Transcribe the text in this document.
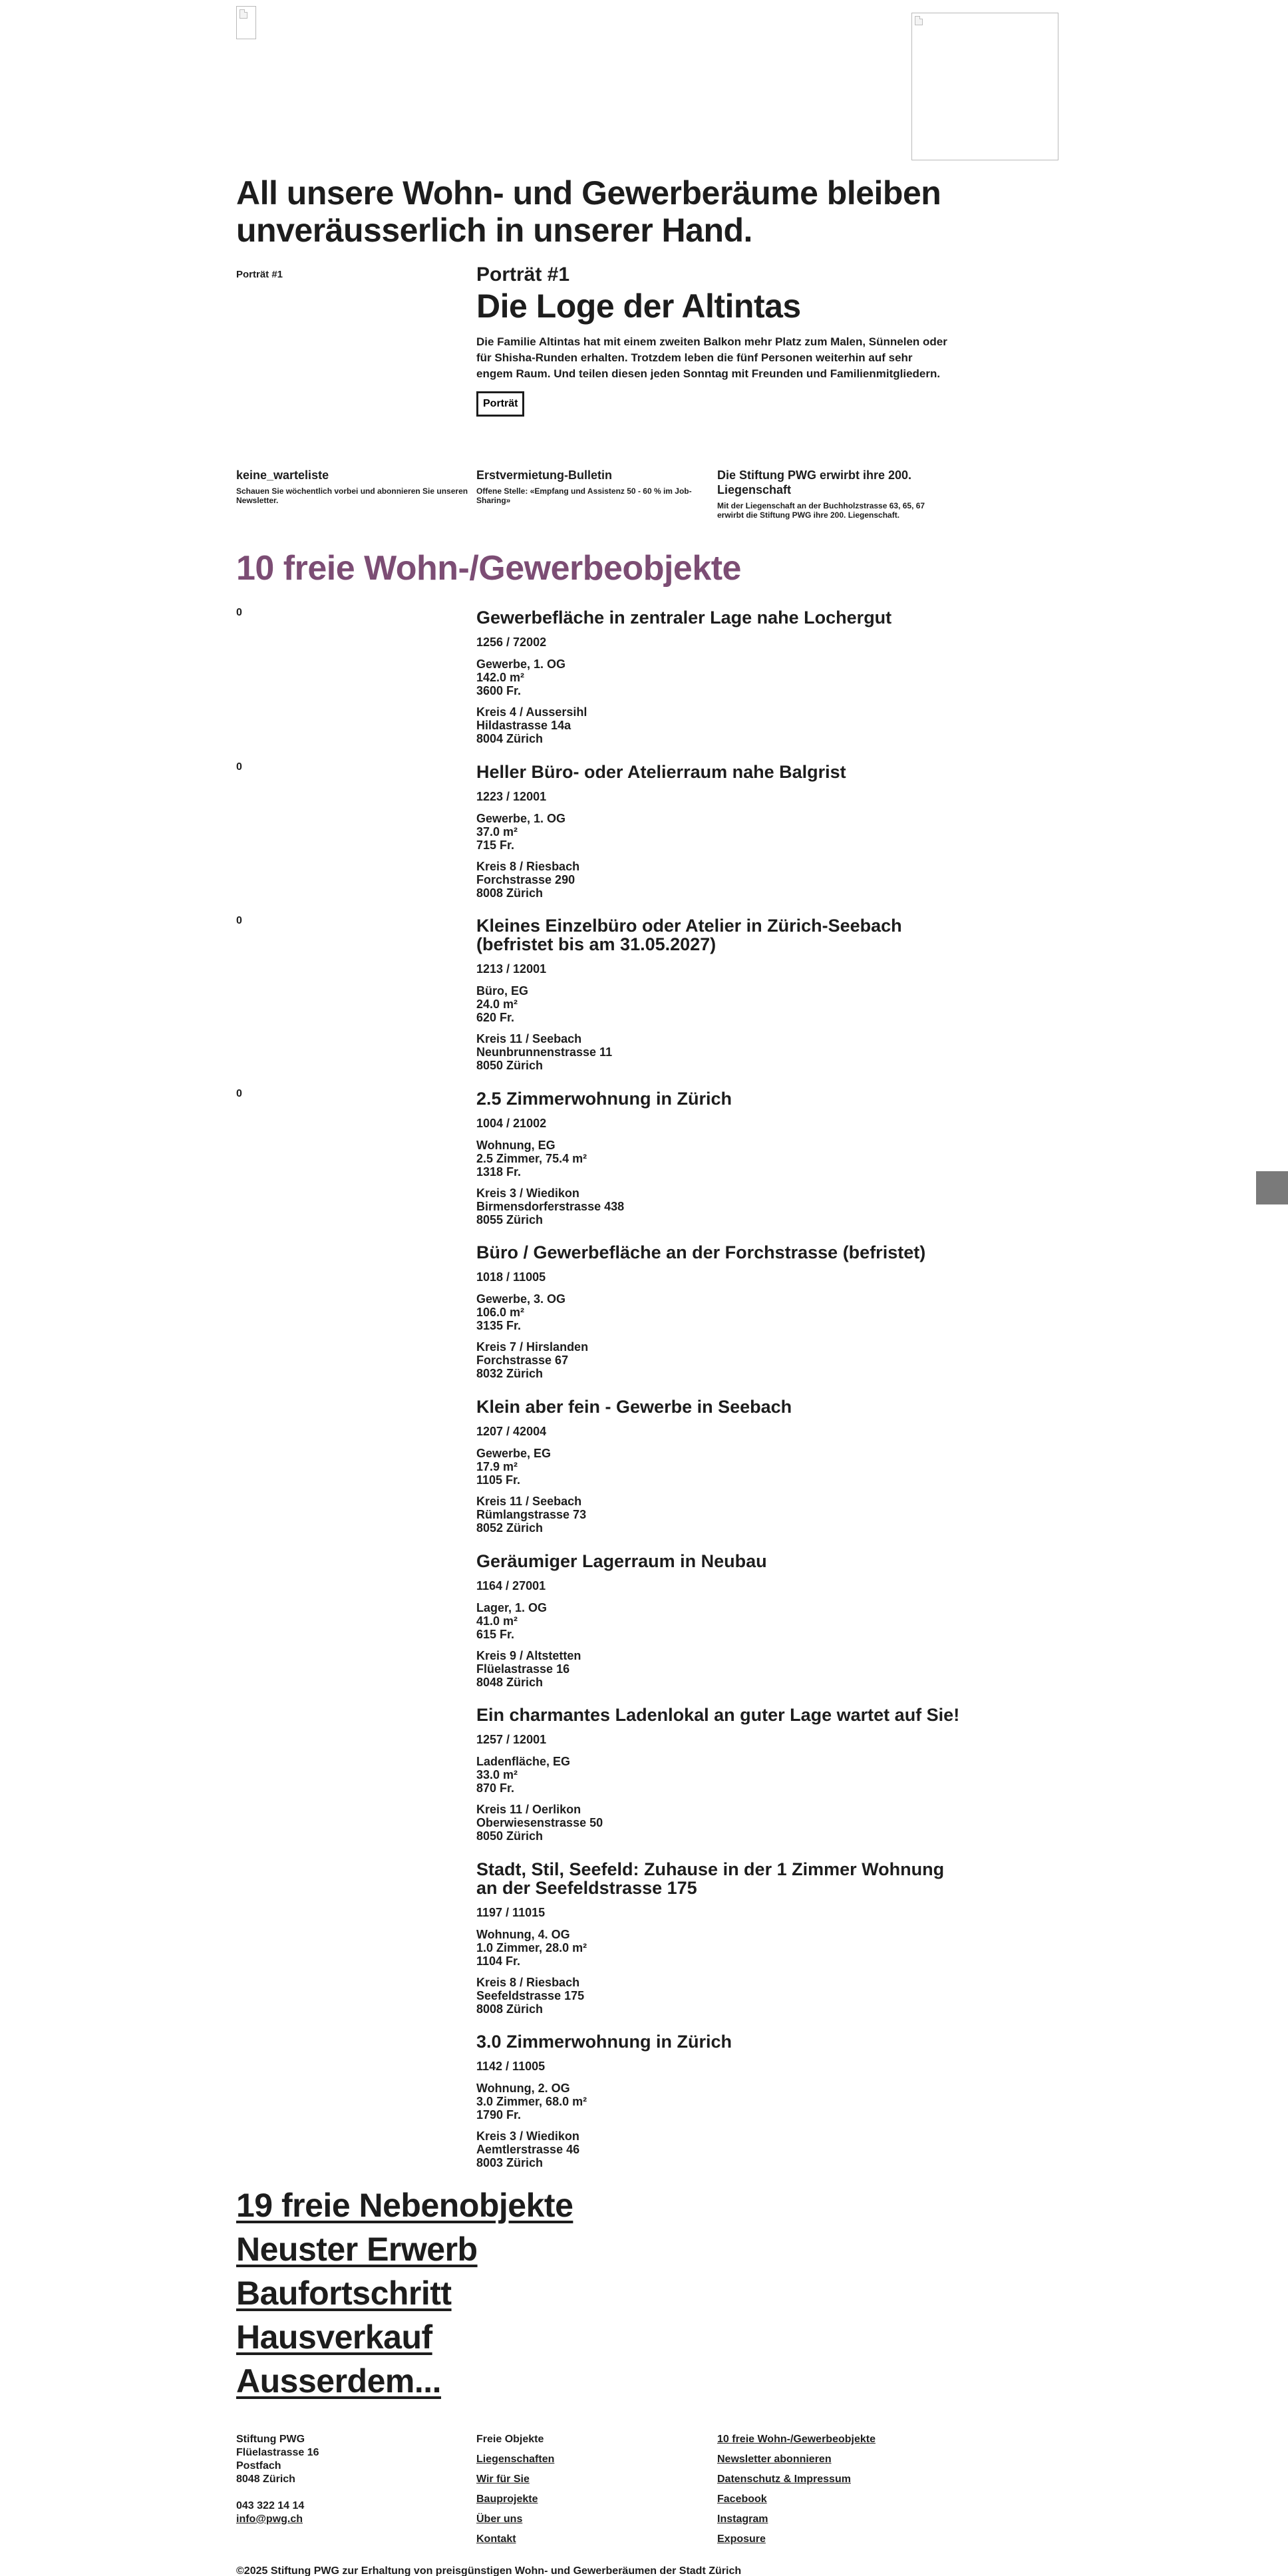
All unsere Wohn- und Gewerberäume bleiben unveräusserlich in unserer Hand.
Porträt #1	Porträt #1
Die Loge der Altintas

Die Familie Altintas hat mit einem zweiten Balkon mehr Platz zum Malen, Sünnelen oder für Shisha-Runden erhalten. Trotzdem leben die fünf Personen weiterhin auf sehr engem Raum. Und teilen diesen jeden Sonntag mit Freunden und Familienmitgliedern.

Porträt
keine_warteliste
Schauen Sie wöchentlich vorbei und abonnieren Sie unseren Newsletter.
Erstvermietung-Bulletin
Offene Stelle: «Empfang und Assistenz 50 - 60 % im Job-Sharing»
Die Stiftung PWG erwirbt ihre 200. Liegenschaft
Mit der Liegenschaft an der Buchholzstrasse 63, 65, 67 erwirbt die Stiftung PWG ihre 200. Liegenschaft.
10 freie Wohn-/Gewerbeobjekte
0	Gewerbefläche in zentraler Lage nahe Lochergut
1256 / 72002
Gewerbe, 1. OG
142.0 m²
3600 Fr.
Kreis 4 / Aussersihl
Hildastrasse 14a
8004 Zürich
0	Heller Büro- oder Atelierraum nahe Balgrist
1223 / 12001
Gewerbe, 1. OG
37.0 m²
715 Fr.
Kreis 8 / Riesbach
Forchstrasse 290
8008 Zürich
0	Kleines Einzelbüro oder Atelier in Zürich-Seebach (befristet bis am 31.05.2027)
1213 / 12001
Büro, EG
24.0 m²
620 Fr.
Kreis 11 / Seebach
Neunbrunnenstrasse 11
8050 Zürich
0	2.5 Zimmerwohnung in Zürich
1004 / 21002
Wohnung, EG
2.5 Zimmer, 75.4 m²
1318 Fr.
Kreis 3 / Wiedikon
Birmensdorferstrasse 438
8055 Zürich
Büro / Gewerbefläche an der Forchstrasse (befristet)
1018 / 11005
Gewerbe, 3. OG
106.0 m²
3135 Fr.
Kreis 7 / Hirslanden
Forchstrasse 67
8032 Zürich
Klein aber fein - Gewerbe in Seebach
1207 / 42004
Gewerbe, EG
17.9 m²
1105 Fr.
Kreis 11 / Seebach
Rümlangstrasse 73
8052 Zürich
Geräumiger Lagerraum in Neubau
1164 / 27001
Lager, 1. OG
41.0 m²
615 Fr.
Kreis 9 / Altstetten
Flüelastrasse 16
8048 Zürich
Ein charmantes Ladenlokal an guter Lage wartet auf Sie!
1257 / 12001
Ladenfläche, EG
33.0 m²
870 Fr.
Kreis 11 / Oerlikon
Oberwiesenstrasse 50
8050 Zürich
Stadt, Stil, Seefeld: Zuhause in der 1 Zimmer Wohnung an der Seefeldstrasse 175
1197 / 11015
Wohnung, 4. OG
1.0 Zimmer, 28.0 m²
1104 Fr.
Kreis 8 / Riesbach
Seefeldstrasse 175
8008 Zürich
3.0 Zimmerwohnung in Zürich
1142 / 11005
Wohnung, 2. OG
3.0 Zimmer, 68.0 m²
1790 Fr.
Kreis 3 / Wiedikon
Aemtlerstrasse 46
8003 Zürich
19 freie Nebenobjekte
Neuster Erwerb
Baufortschritt
Hausverkauf
Ausserdem...
Stiftung PWG
Flüelastrasse 16
Postfach
8048 Zürich
043 322 14 14
info@pwg.ch
Freie Objekte
Liegenschaften
Wir für Sie
Bauprojekte
Über uns
Kontakt
10 freie Wohn-/Gewerbeobjekte
Newsletter abonnieren
Datenschutz & Impressum
Facebook
Instagram
Exposure
©2025 Stiftung PWG zur Erhaltung von preisgünstigen Wohn- und Gewerberäumen der Stadt Zürich
